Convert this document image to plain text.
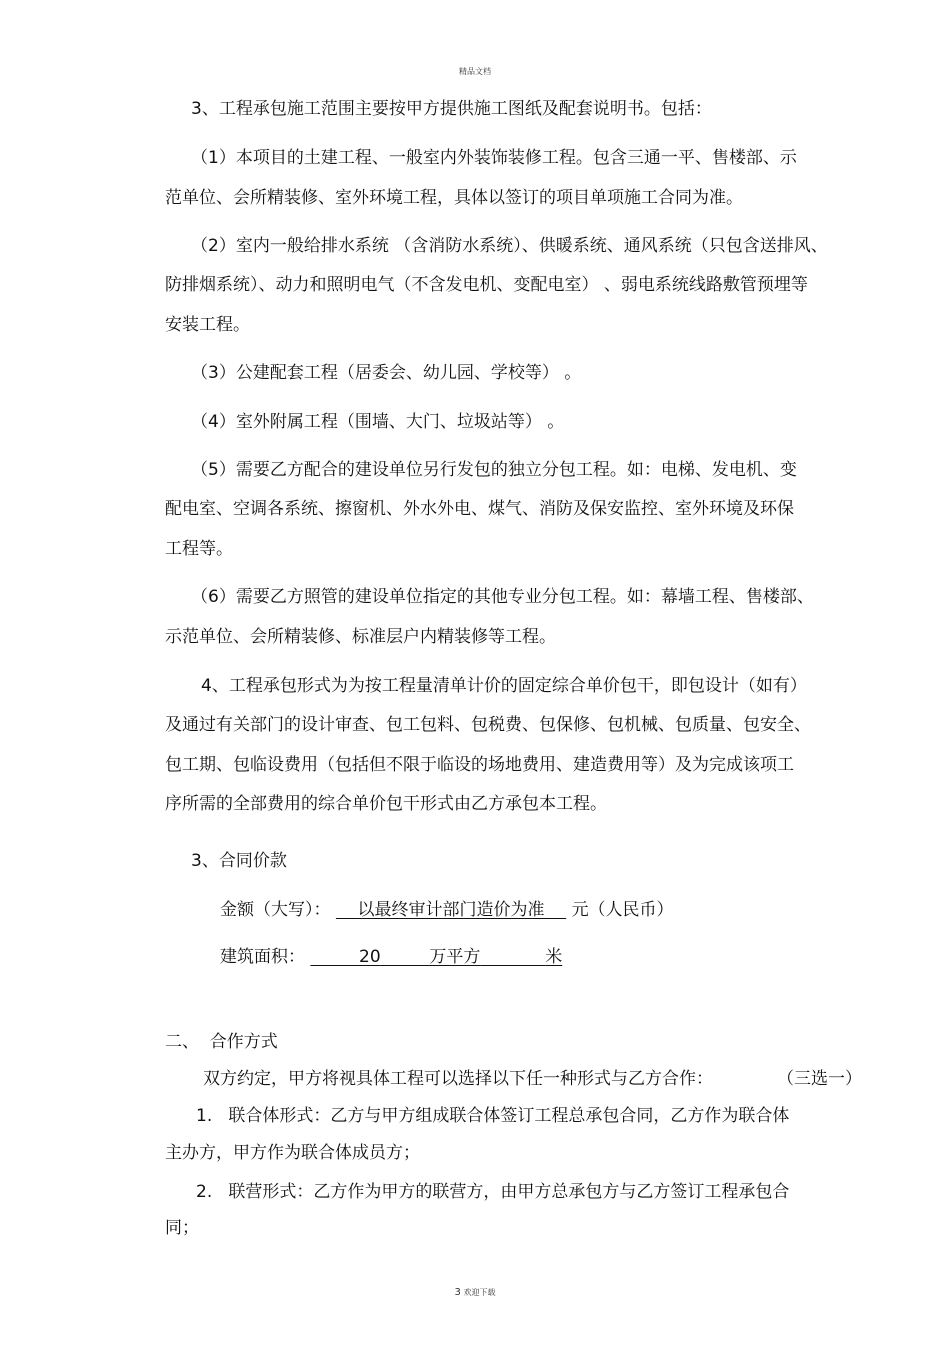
精品文档
3、工程承包施工范围主要按甲方提供施工图纸及配套说明书。包括：
（1）本项目的土建工程、一般室内外装饰装修工程。包含三通一平、售楼部、示
范单位、会所精装修、室外环境工程，具体以签订的项目单项施工合同为准。
（2）室内一般给排水系统 （含消防水系统）、供暖系统、通风系统（只包含送排风、
防排烟系统）、动力和照明电气（不含发电机、变配电室） 、弱电系统线路敷管预埋等
安装工程。
（3）公建配套工程（居委会、幼儿园、学校等） 。
（4）室外附属工程（围墙、大门、垃圾站等） 。
（5）需要乙方配合的建设单位另行发包的独立分包工程。如：电梯、发电机、变
配电室、空调各系统、擦窗机、外水外电、煤气、消防及保安监控、室外环境及环保
工程等。
（6）需要乙方照管的建设单位指定的其他专业分包工程。如：幕墙工程、售楼部、
示范单位、会所精装修、标准层户内精装修等工程。
4、工程承包形式为为按工程量清单计价的固定综合单价包干，即包设计（如有）
及通过有关部门的设计审查、包工包料、包税费、包保修、包机械、包质量、包安全、
包工期、包临设费用（包括但不限于临设的场地费用、建造费用等）及为完成该项工
序所需的全部费用的综合单价包干形式由乙方承包本工程。
3、合同价款
金额（大写）： 以最终审计部门造价为准 元（人民币）
建筑面积：	20	万平方	米
二、  合作方式
双方约定，甲方将视具体工程可以选择以下任一种形式与乙方合作：	（三选一）
1.   联合体形式：乙方与甲方组成联合体签订工程总承包合同，乙方作为联合体
主办方，甲方作为联合体成员方；
2.   联营形式：乙方作为甲方的联营方，由甲方总承包方与乙方签订工程承包合
同；
3 欢迎下载
